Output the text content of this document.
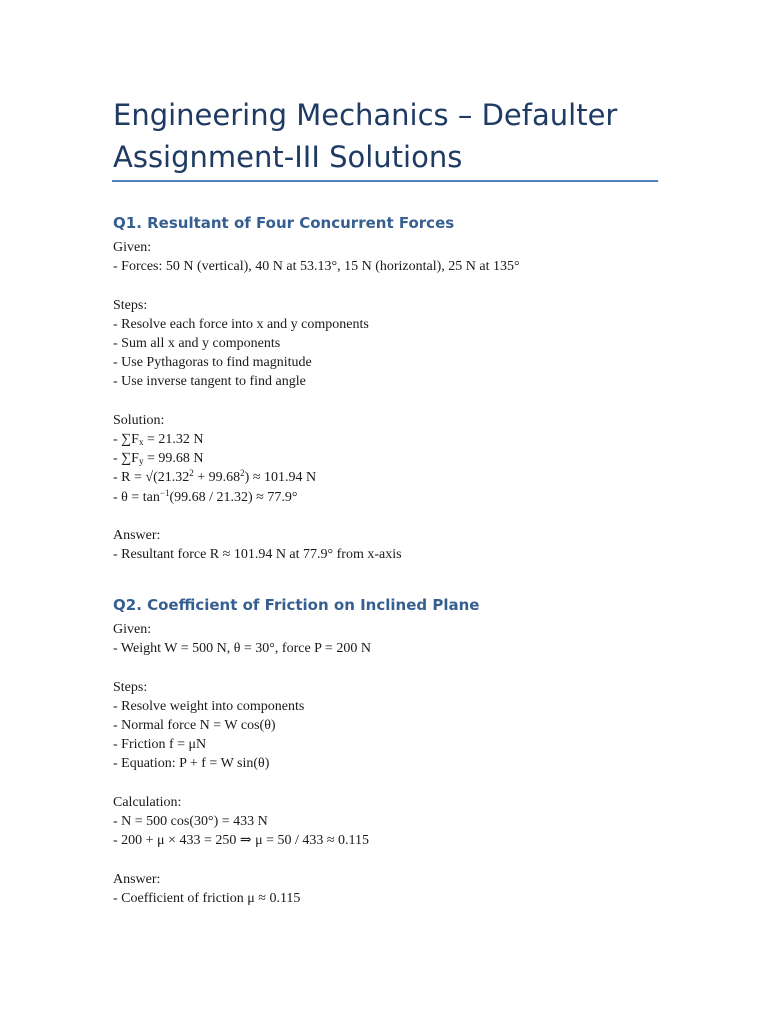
Engineering Mechanics – Defaulter
Assignment-III Solutions
Q1. Resultant of Four Concurrent Forces

Given:

- Forces: 50 N (vertical), 40 N at 53.13°, 15 N (horizontal), 25 N at 135°

Steps:

- Resolve each force into x and y components

- Sum all x and y components

- Use Pythagoras to find magnitude

- Use inverse tangent to find angle

Solution:

- $\sum F_x = 21.32$ N

- $\sum F_y = 99.68$ N

- $R = √(21.32^2 + 99.68^2) \approx 101.94$ N

- $\theta = \tan^{-1}(99.68 / 21.32) \approx 77.9^\circ$

Answer:

- Resultant force R ≈ 101.94 N at 77.9° from x-axis

Q2. Coefficient of Friction on Inclined Plane

Given:

- Weight W = 500 N, θ = 30°, force P = 200 N

Steps:

- Resolve weight into components

- Normal force N = W cos(θ)

- Friction f = μN

- Equation: P + f = W sin(θ)

Calculation:

- N = 500 cos(30°) = 433 N

- 200 + μ × 433 = 250 ⇒ μ = 50 / 433 ≈ 0.115

Answer:

- Coefficient of friction μ ≈ 0.115
